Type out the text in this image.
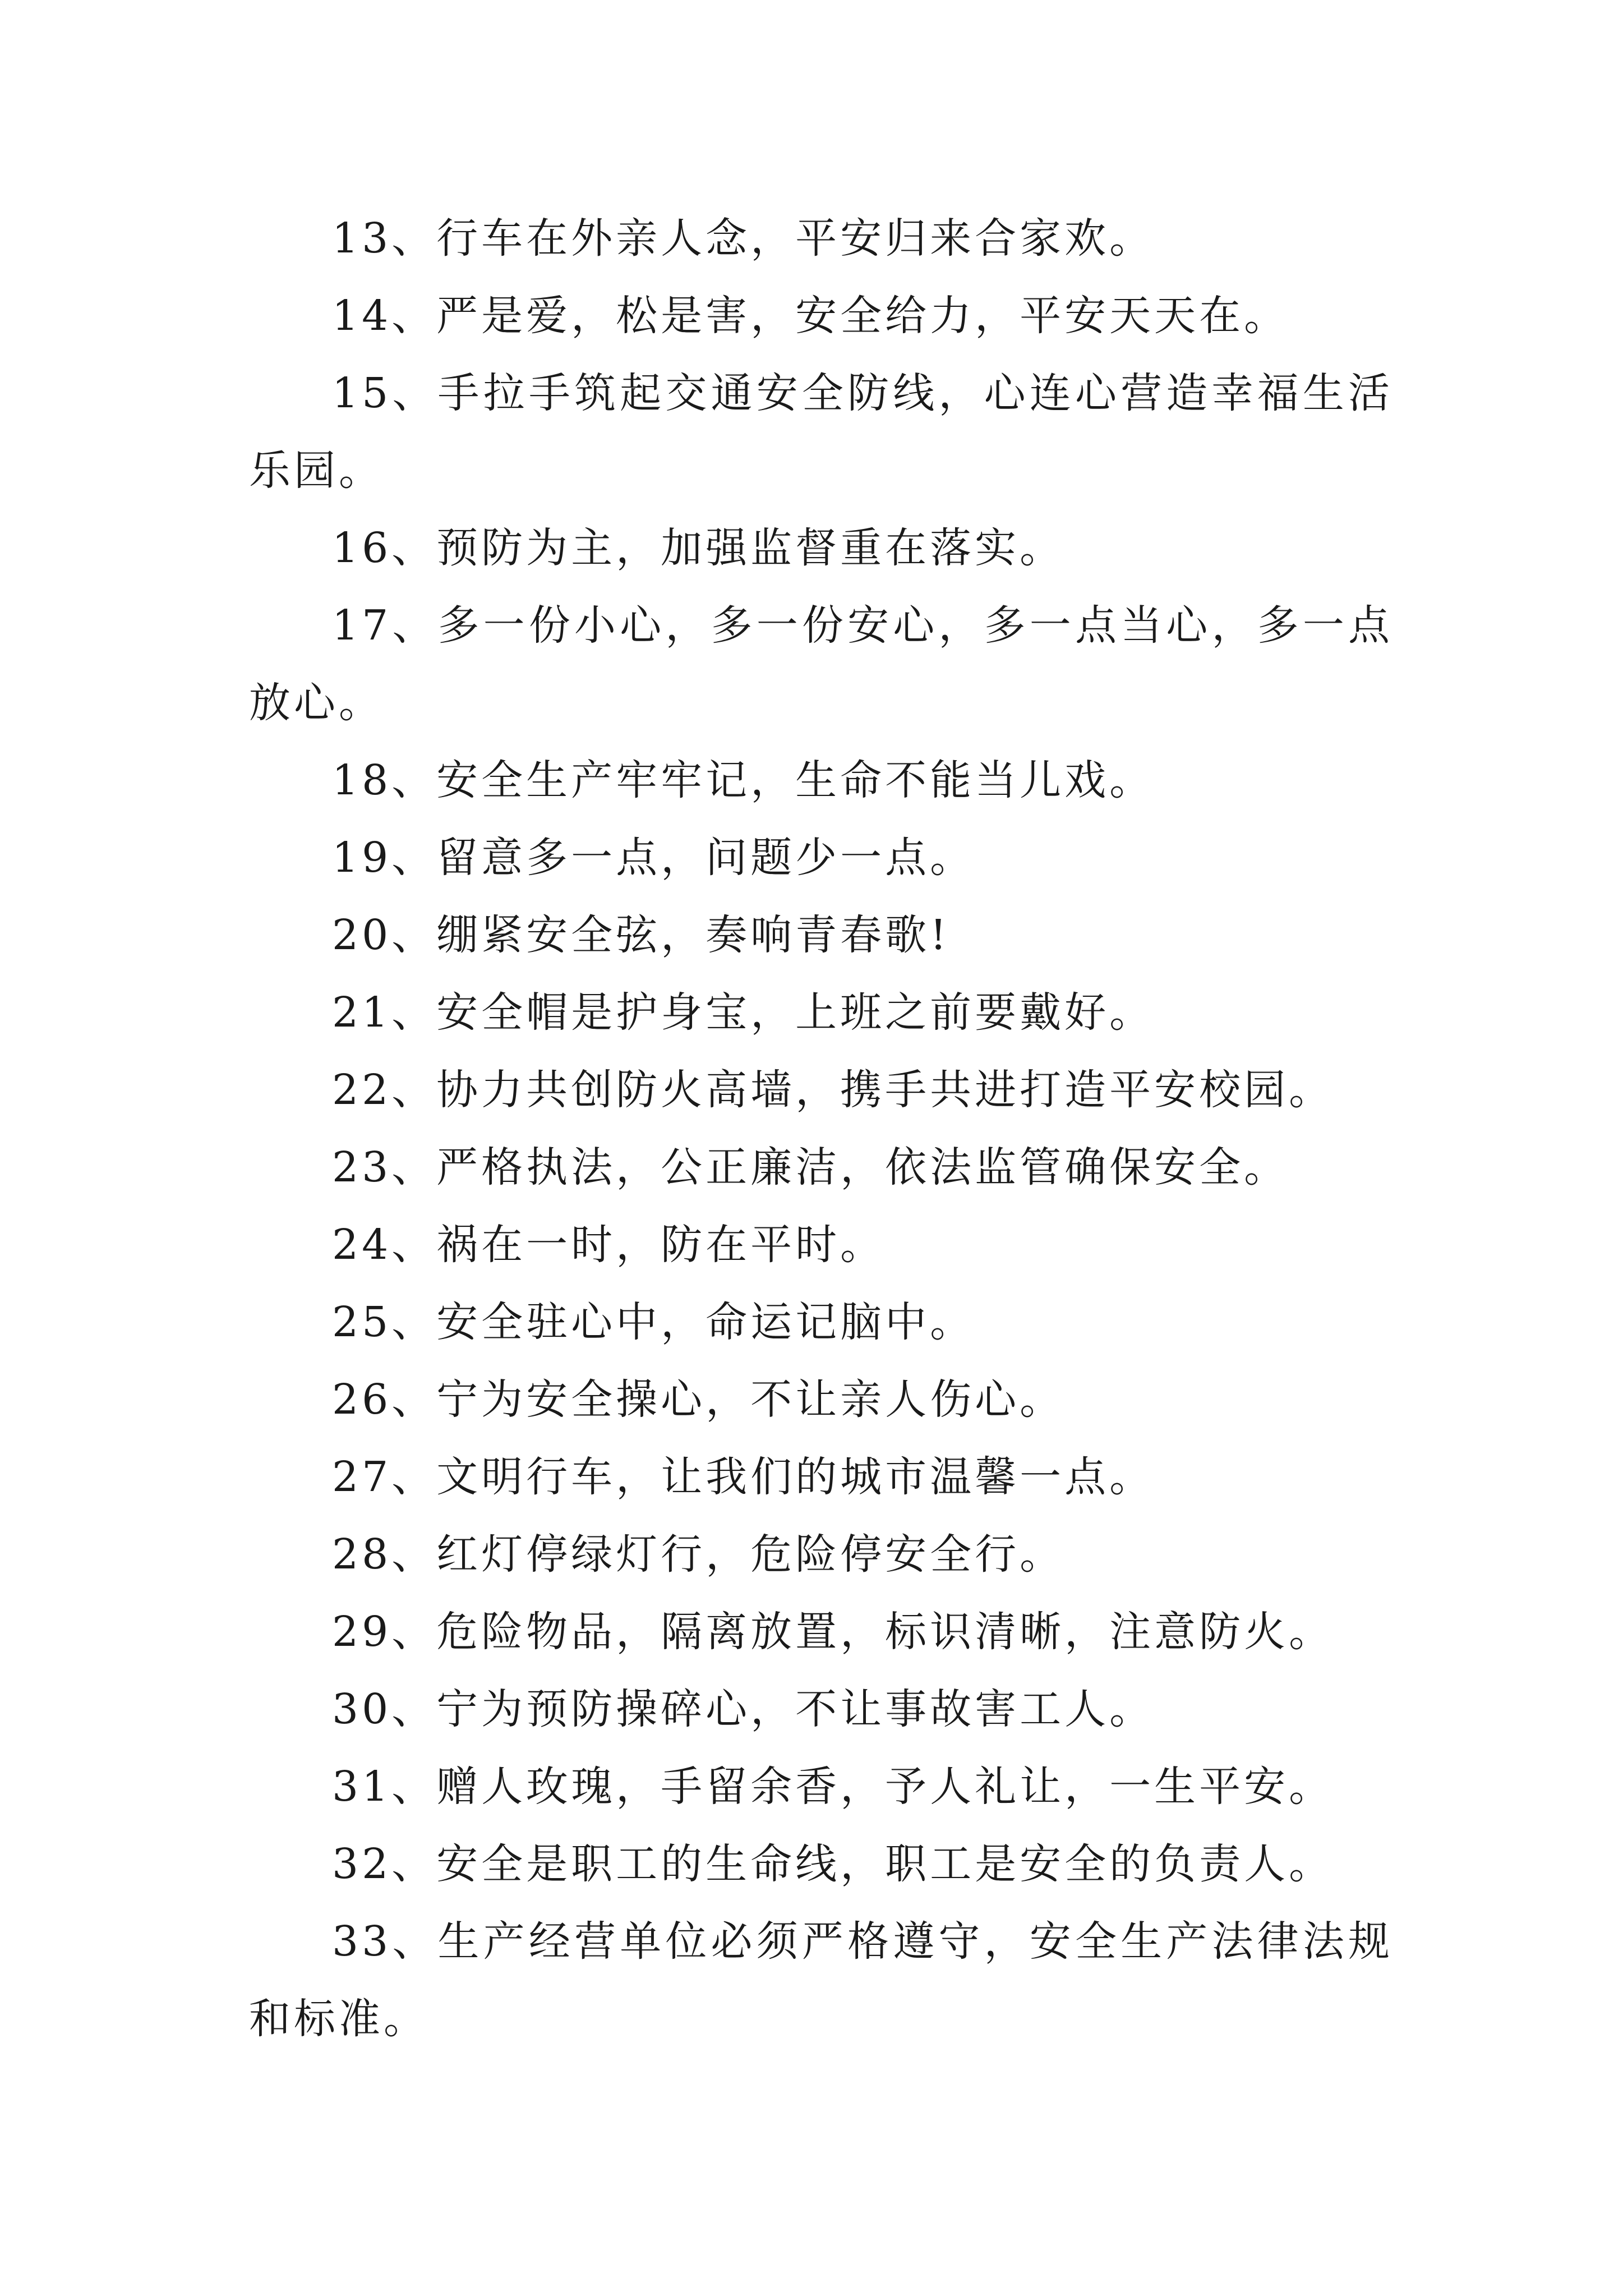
13、行车在外亲人念，平安归来合家欢。

14、严是爱，松是害，安全给力，平安天天在。

15、手拉手筑起交通安全防线，心连心营造幸福生活乐园。

16、预防为主，加强监督重在落实。

17、多一份小心，多一份安心，多一点当心，多一点放心。

18、安全生产牢牢记，生命不能当儿戏。

19、留意多一点，问题少一点。

20、绷紧安全弦，奏响青春歌!

21、安全帽是护身宝，上班之前要戴好。

22、协力共创防火高墙，携手共进打造平安校园。

23、严格执法，公正廉洁，依法监管确保安全。

24、祸在一时，防在平时。

25、安全驻心中，命运记脑中。

26、宁为安全操心，不让亲人伤心。

27、文明行车，让我们的城市温馨一点。

28、红灯停绿灯行，危险停安全行。

29、危险物品，隔离放置，标识清晰，注意防火。

30、宁为预防操碎心，不让事故害工人。

31、赠人玫瑰，手留余香，予人礼让，一生平安。

32、安全是职工的生命线，职工是安全的负责人。

33、生产经营单位必须严格遵守，安全生产法律法规和标准。
